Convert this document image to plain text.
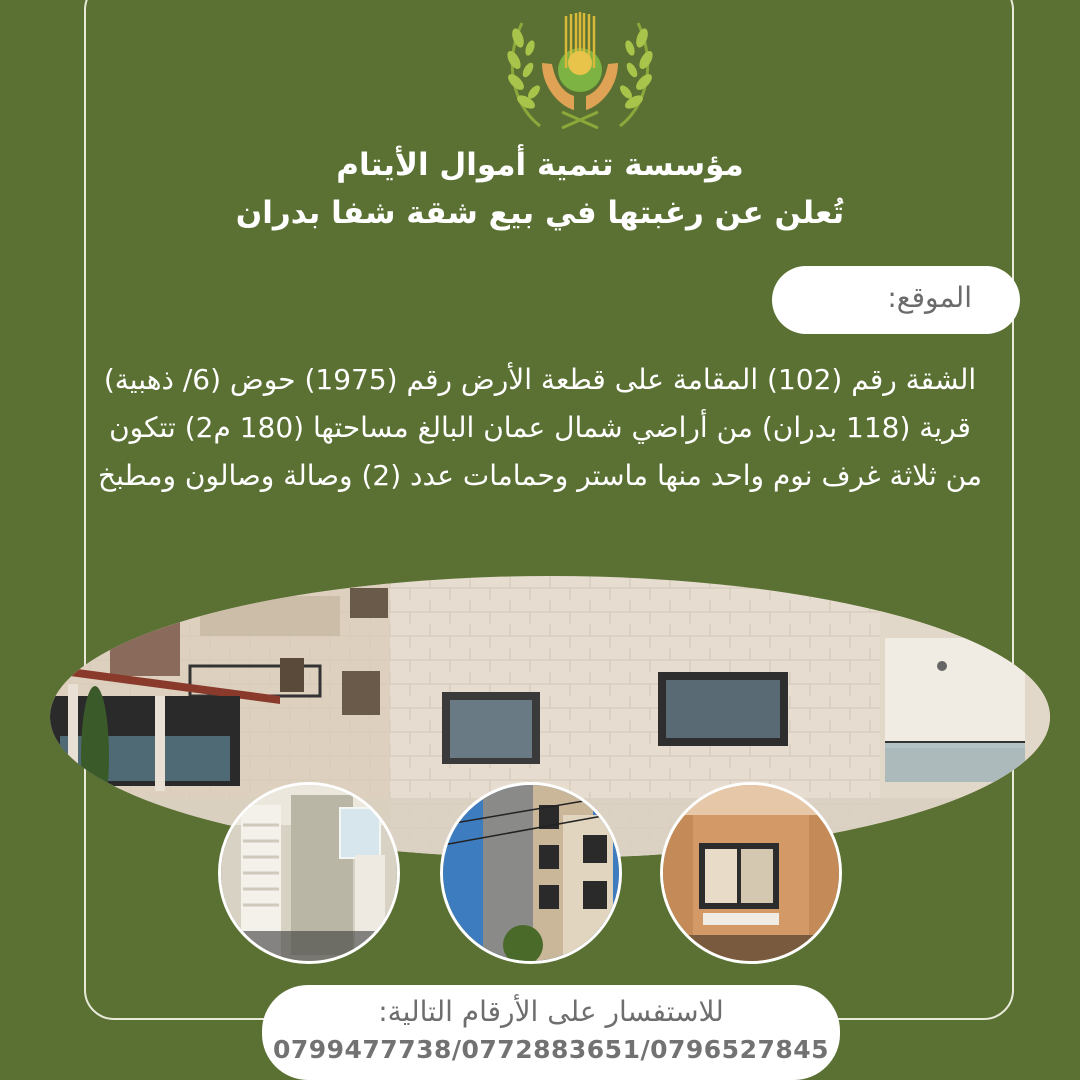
مؤسسة تنمية أموال الأيتام
تُعلن عن رغبتها في بيع شقة شفا بدران
الموقع:

الشقة رقم (102) المقامة على قطعة الأرض رقم (1975) حوض (6/ ذهبية) قرية (118 بدران) من أراضي شمال عمان البالغ مساحتها (180 م2) تتكون من ثلاثة غرف نوم واحد منها ماستر وحمامات عدد (2) وصالة وصالون ومطبخ

للاستفسار على الأرقام التالية:
0799477738/0772883651/0796527845
